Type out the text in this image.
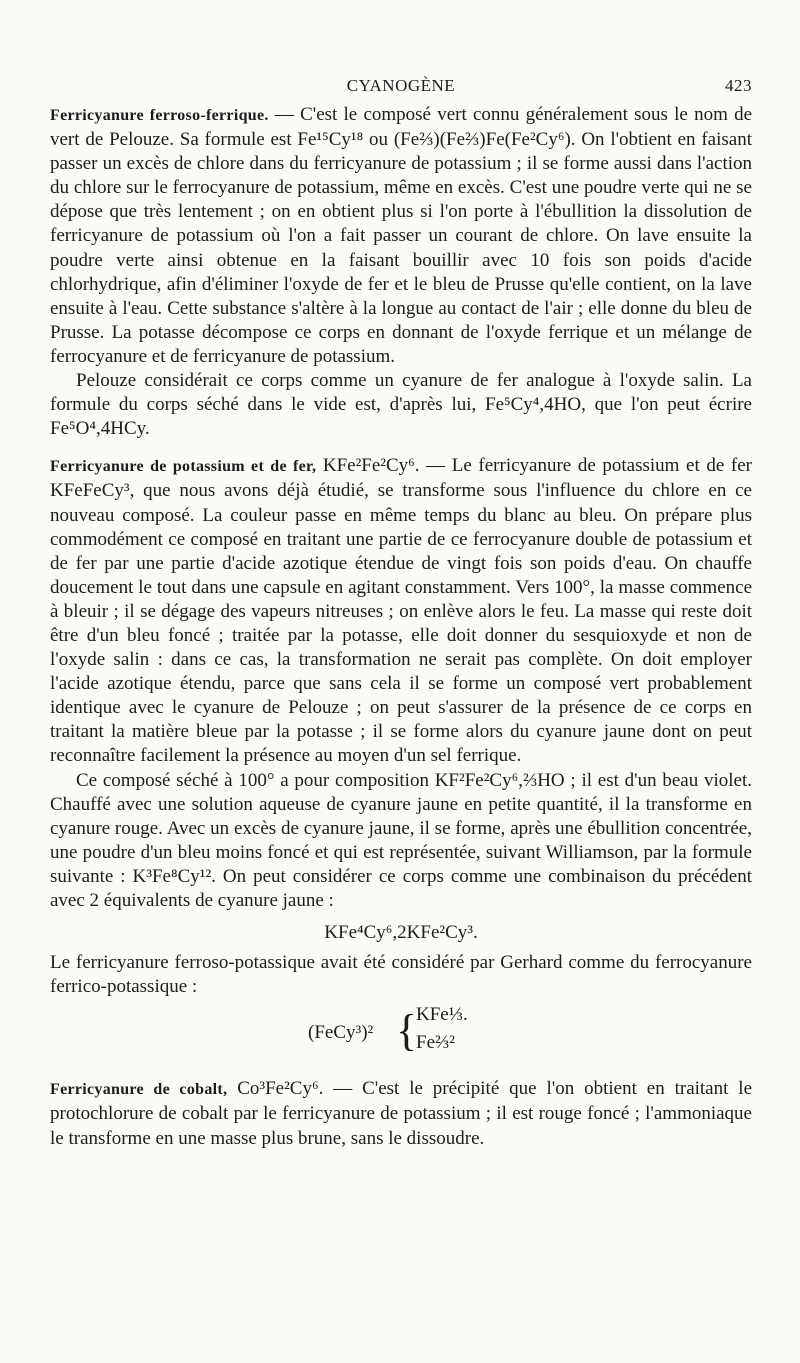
CYANOGÈNE	423

Ferricyanure ferroso-ferrique. — C'est le composé vert connu généralement sous le nom de vert de Pelouze. Sa formule est Fe¹⁵Cy¹⁸ ou (Fe⅔)(Fe⅔)Fe(Fe²Cy⁶). On l'obtient en faisant passer un excès de chlore dans du ferricyanure de potassium ; il se forme aussi dans l'action du chlore sur le ferrocyanure de potassium, même en excès. C'est une poudre verte qui ne se dépose que très lentement ; on en obtient plus si l'on porte à l'ébullition la dissolution de ferricyanure de potassium où l'on a fait passer un courant de chlore. On lave ensuite la poudre verte ainsi obtenue en la faisant bouillir avec 10 fois son poids d'acide chlorhydrique, afin d'éliminer l'oxyde de fer et le bleu de Prusse qu'elle contient, on la lave ensuite à l'eau. Cette substance s'altère à la longue au contact de l'air ; elle donne du bleu de Prusse. La potasse décompose ce corps en donnant de l'oxyde ferrique et un mélange de ferrocyanure et de ferricyanure de potassium.

Pelouze considérait ce corps comme un cyanure de fer analogue à l'oxyde salin. La formule du corps séché dans le vide est, d'après lui, Fe⁵Cy⁴,4HO, que l'on peut écrire Fe⁵O⁴,4HCy.

Ferricyanure de potassium et de fer, KFe²Fe²Cy⁶. — Le ferricyanure de potassium et de fer KFeFeCy³, que nous avons déjà étudié, se transforme sous l'influence du chlore en ce nouveau composé. La couleur passe en même temps du blanc au bleu. On prépare plus commodément ce composé en traitant une partie de ce ferrocyanure double de potassium et de fer par une partie d'acide azotique étendue de vingt fois son poids d'eau. On chauffe doucement le tout dans une capsule en agitant constamment. Vers 100°, la masse commence à bleuir ; il se dégage des vapeurs nitreuses ; on enlève alors le feu. La masse qui reste doit être d'un bleu foncé ; traitée par la potasse, elle doit donner du sesquioxyde et non de l'oxyde salin : dans ce cas, la transformation ne serait pas complète. On doit employer l'acide azotique étendu, parce que sans cela il se forme un composé vert probablement identique avec le cyanure de Pelouze ; on peut s'assurer de la présence de ce corps en traitant la matière bleue par la potasse ; il se forme alors du cyanure jaune dont on peut reconnaître facilement la présence au moyen d'un sel ferrique.

Ce composé séché à 100° a pour composition KF²Fe²Cy⁶,⅔HO ; il est d'un beau violet. Chauffé avec une solution aqueuse de cyanure jaune en petite quantité, il la transforme en cyanure rouge. Avec un excès de cyanure jaune, il se forme, après une ébullition concentrée, une poudre d'un bleu moins foncé et qui est représentée, suivant Williamson, par la formule suivante : K³Fe⁸Cy¹². On peut considérer ce corps comme une combinaison du précédent avec 2 équivalents de cyanure jaune :

KFe⁴Cy⁶,2KFe²Cy³.

Le ferricyanure ferroso-potassique avait été considéré par Gerhard comme du ferrocyanure ferrico-potassique :

(FeCy³)² {
KFe⅓.
Fe⅔²

Ferricyanure de cobalt, Co³Fe²Cy⁶. — C'est le précipité que l'on obtient en traitant le protochlorure de cobalt par le ferricyanure de potassium ; il est rouge foncé ; l'ammoniaque le transforme en une masse plus brune, sans le dissoudre.
